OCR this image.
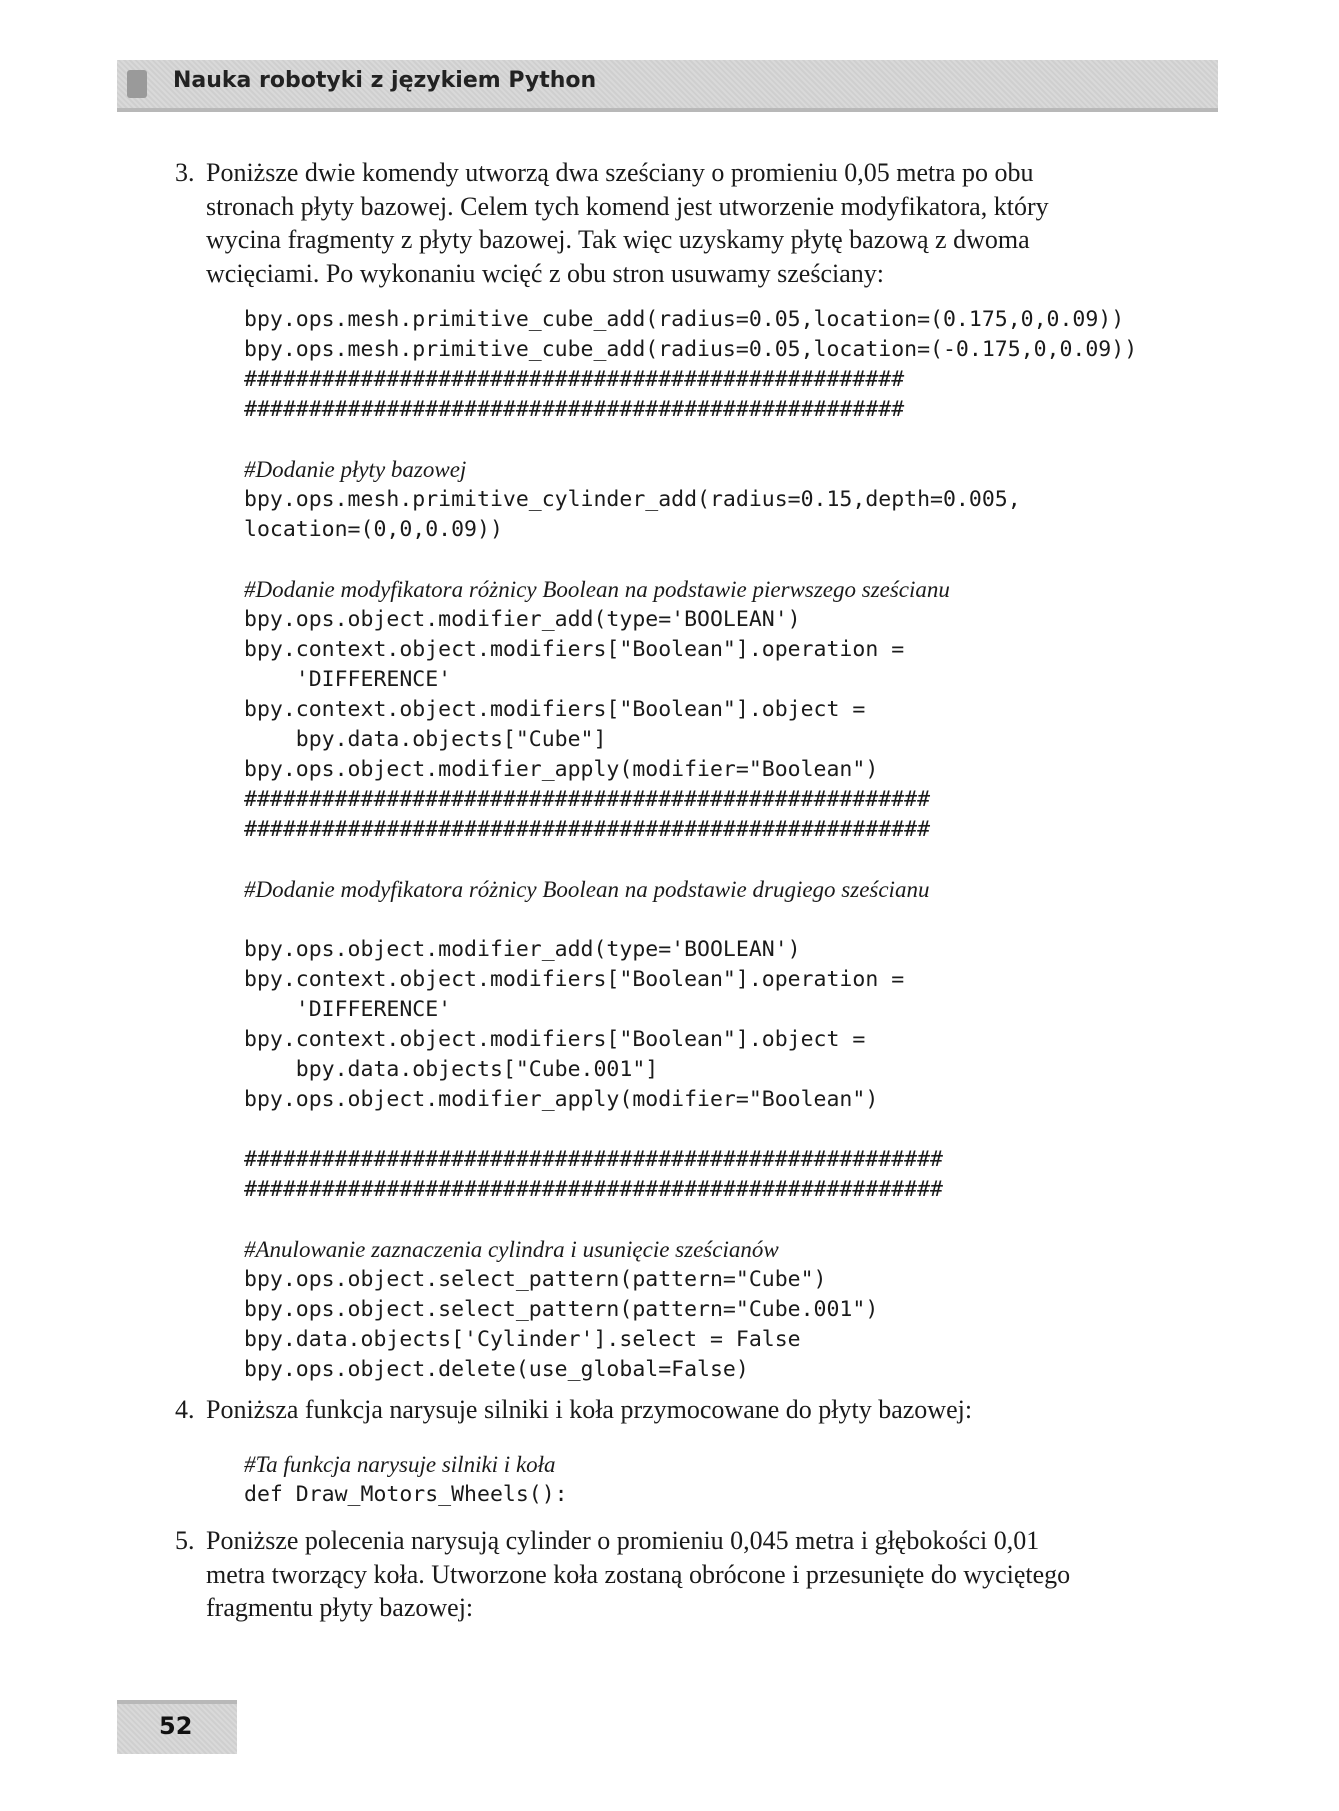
Nauka robotyki z językiem Python
3. Poniższe dwie komendy utworzą dwa sześciany o promieniu 0,05 metra po obu
stronach płyty bazowej. Celem tych komend jest utworzenie modyfikatora, który
wycina fragmenty z płyty bazowej. Tak więc uzyskamy płytę bazową z dwoma
wcięciami. Po wykonaniu wcięć z obu stron usuwamy sześciany:
bpy.ops.mesh.primitive_cube_add(radius=0.05,location=(0.175,0,0.09))
bpy.ops.mesh.primitive_cube_add(radius=0.05,location=(-0.175,0,0.09))
###################################################
###################################################
#Dodanie płyty bazowej
bpy.ops.mesh.primitive_cylinder_add(radius=0.15,depth=0.005,
location=(0,0,0.09))
#Dodanie modyfikatora różnicy Boolean na podstawie pierwszego sześcianu
bpy.ops.object.modifier_add(type='BOOLEAN')
bpy.context.object.modifiers["Boolean"].operation =
'DIFFERENCE'
bpy.context.object.modifiers["Boolean"].object =
bpy.data.objects["Cube"]
bpy.ops.object.modifier_apply(modifier="Boolean")
#####################################################
#####################################################
#Dodanie modyfikatora różnicy Boolean na podstawie drugiego sześcianu
bpy.ops.object.modifier_add(type='BOOLEAN')
bpy.context.object.modifiers["Boolean"].operation =
'DIFFERENCE'
bpy.context.object.modifiers["Boolean"].object =
bpy.data.objects["Cube.001"]
bpy.ops.object.modifier_apply(modifier="Boolean")
######################################################
######################################################
#Anulowanie zaznaczenia cylindra i usunięcie sześcianów
bpy.ops.object.select_pattern(pattern="Cube")
bpy.ops.object.select_pattern(pattern="Cube.001")
bpy.data.objects['Cylinder'].select = False
bpy.ops.object.delete(use_global=False)
4. Poniższa funkcja narysuje silniki i koła przymocowane do płyty bazowej:
#Ta funkcja narysuje silniki i koła
def Draw_Motors_Wheels():
5. Poniższe polecenia narysują cylinder o promieniu 0,045 metra i głębokości 0,01
metra tworzący koła. Utworzone koła zostaną obrócone i przesunięte do wyciętego
fragmentu płyty bazowej:
52
